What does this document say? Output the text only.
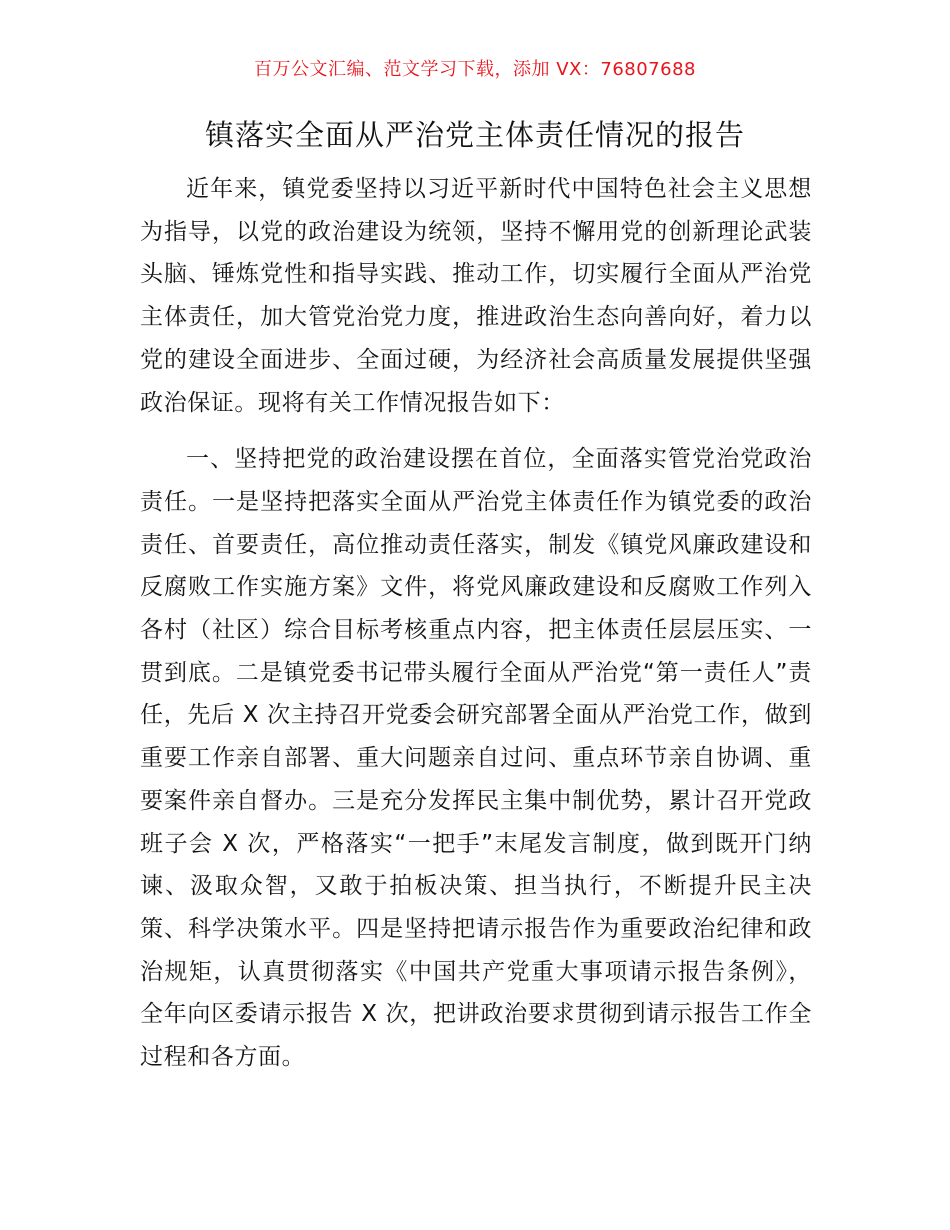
百万公文汇编、范文学习下载，添加 VX：76807688
镇落实全面从严治党主体责任情况的报告

近年来，镇党委坚持以习近平新时代中国特色社会主义思想为指导，以党的政治建设为统领，坚持不懈用党的创新理论武装头脑、锤炼党性和指导实践、推动工作，切实履行全面从严治党主体责任，加大管党治党力度，推进政治生态向善向好，着力以党的建设全面进步、全面过硬，为经济社会高质量发展提供坚强政治保证。现将有关工作情况报告如下：

一、坚持把党的政治建设摆在首位，全面落实管党治党政治责任。一是坚持把落实全面从严治党主体责任作为镇党委的政治责任、首要责任，高位推动责任落实，制发《镇党风廉政建设和反腐败工作实施方案》文件，将党风廉政建设和反腐败工作列入各村（社区）综合目标考核重点内容，把主体责任层层压实、一贯到底。二是镇党委书记带头履行全面从严治党“第一责任人”责任，先后 X 次主持召开党委会研究部署全面从严治党工作，做到重要工作亲自部署、重大问题亲自过问、重点环节亲自协调、重要案件亲自督办。三是充分发挥民主集中制优势，累计召开党政班子会 X 次，严格落实“一把手”末尾发言制度，做到既开门纳谏、汲取众智，又敢于拍板决策、担当执行，不断提升民主决策、科学决策水平。四是坚持把请示报告作为重要政治纪律和政治规矩，认真贯彻落实《中国共产党重大事项请示报告条例》，全年向区委请示报告 X 次，把讲政治要求贯彻到请示报告工作全过程和各方面。
